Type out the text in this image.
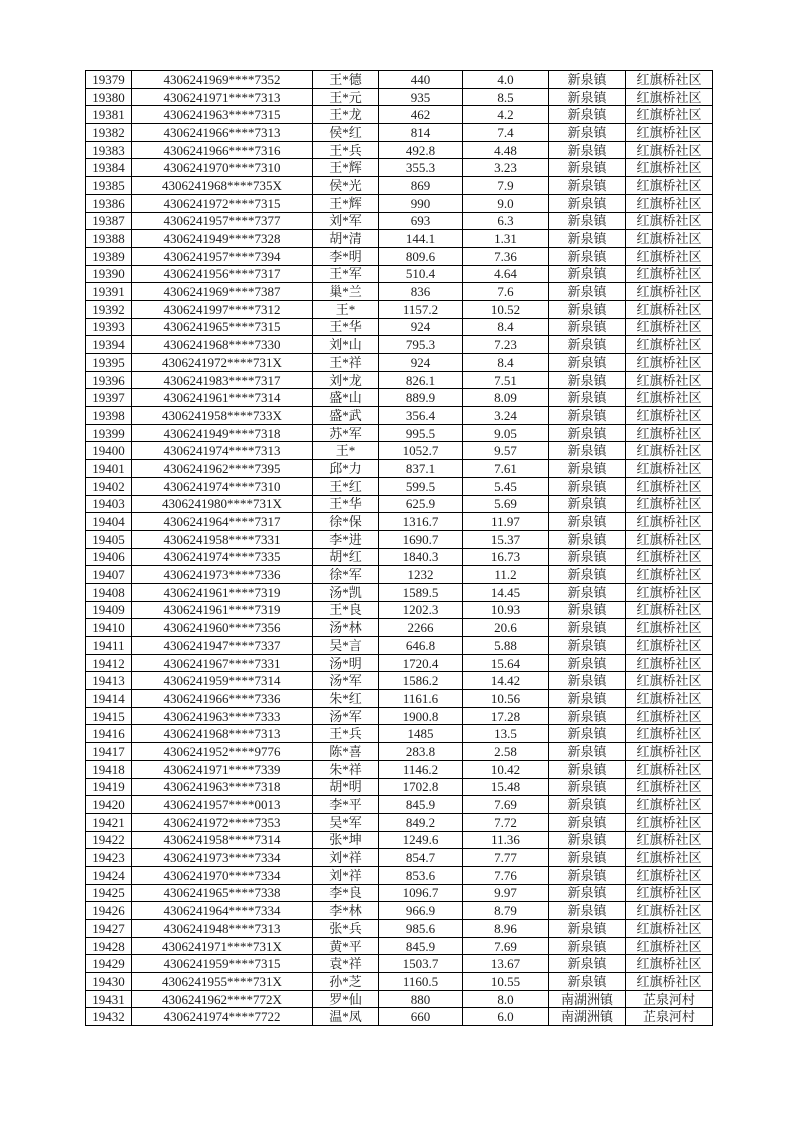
19379	4306241969****7352	王*德	440	4.0	新泉镇	红旗桥社区
19380	4306241971****7313	王*元	935	8.5	新泉镇	红旗桥社区
19381	4306241963****7315	王*龙	462	4.2	新泉镇	红旗桥社区
19382	4306241966****7313	侯*红	814	7.4	新泉镇	红旗桥社区
19383	4306241966****7316	王*兵	492.8	4.48	新泉镇	红旗桥社区
19384	4306241970****7310	王*辉	355.3	3.23	新泉镇	红旗桥社区
19385	4306241968****735X	侯*光	869	7.9	新泉镇	红旗桥社区
19386	4306241972****7315	王*辉	990	9.0	新泉镇	红旗桥社区
19387	4306241957****7377	刘*军	693	6.3	新泉镇	红旗桥社区
19388	4306241949****7328	胡*清	144.1	1.31	新泉镇	红旗桥社区
19389	4306241957****7394	李*明	809.6	7.36	新泉镇	红旗桥社区
19390	4306241956****7317	王*军	510.4	4.64	新泉镇	红旗桥社区
19391	4306241969****7387	巢*兰	836	7.6	新泉镇	红旗桥社区
19392	4306241997****7312	王*	1157.2	10.52	新泉镇	红旗桥社区
19393	4306241965****7315	王*华	924	8.4	新泉镇	红旗桥社区
19394	4306241968****7330	刘*山	795.3	7.23	新泉镇	红旗桥社区
19395	4306241972****731X	王*祥	924	8.4	新泉镇	红旗桥社区
19396	4306241983****7317	刘*龙	826.1	7.51	新泉镇	红旗桥社区
19397	4306241961****7314	盛*山	889.9	8.09	新泉镇	红旗桥社区
19398	4306241958****733X	盛*武	356.4	3.24	新泉镇	红旗桥社区
19399	4306241949****7318	苏*军	995.5	9.05	新泉镇	红旗桥社区
19400	4306241974****7313	王*	1052.7	9.57	新泉镇	红旗桥社区
19401	4306241962****7395	邱*力	837.1	7.61	新泉镇	红旗桥社区
19402	4306241974****7310	王*红	599.5	5.45	新泉镇	红旗桥社区
19403	4306241980****731X	王*华	625.9	5.69	新泉镇	红旗桥社区
19404	4306241964****7317	徐*保	1316.7	11.97	新泉镇	红旗桥社区
19405	4306241958****7331	李*进	1690.7	15.37	新泉镇	红旗桥社区
19406	4306241974****7335	胡*红	1840.3	16.73	新泉镇	红旗桥社区
19407	4306241973****7336	徐*军	1232	11.2	新泉镇	红旗桥社区
19408	4306241961****7319	汤*凯	1589.5	14.45	新泉镇	红旗桥社区
19409	4306241961****7319	王*良	1202.3	10.93	新泉镇	红旗桥社区
19410	4306241960****7356	汤*林	2266	20.6	新泉镇	红旗桥社区
19411	4306241947****7337	吴*言	646.8	5.88	新泉镇	红旗桥社区
19412	4306241967****7331	汤*明	1720.4	15.64	新泉镇	红旗桥社区
19413	4306241959****7314	汤*军	1586.2	14.42	新泉镇	红旗桥社区
19414	4306241966****7336	朱*红	1161.6	10.56	新泉镇	红旗桥社区
19415	4306241963****7333	汤*军	1900.8	17.28	新泉镇	红旗桥社区
19416	4306241968****7313	王*兵	1485	13.5	新泉镇	红旗桥社区
19417	4306241952****9776	陈*喜	283.8	2.58	新泉镇	红旗桥社区
19418	4306241971****7339	朱*祥	1146.2	10.42	新泉镇	红旗桥社区
19419	4306241963****7318	胡*明	1702.8	15.48	新泉镇	红旗桥社区
19420	4306241957****0013	李*平	845.9	7.69	新泉镇	红旗桥社区
19421	4306241972****7353	吴*军	849.2	7.72	新泉镇	红旗桥社区
19422	4306241958****7314	张*坤	1249.6	11.36	新泉镇	红旗桥社区
19423	4306241973****7334	刘*祥	854.7	7.77	新泉镇	红旗桥社区
19424	4306241970****7334	刘*祥	853.6	7.76	新泉镇	红旗桥社区
19425	4306241965****7338	李*良	1096.7	9.97	新泉镇	红旗桥社区
19426	4306241964****7334	李*林	966.9	8.79	新泉镇	红旗桥社区
19427	4306241948****7313	张*兵	985.6	8.96	新泉镇	红旗桥社区
19428	4306241971****731X	黄*平	845.9	7.69	新泉镇	红旗桥社区
19429	4306241959****7315	袁*祥	1503.7	13.67	新泉镇	红旗桥社区
19430	4306241955****731X	孙*芝	1160.5	10.55	新泉镇	红旗桥社区
19431	4306241962****772X	罗*仙	880	8.0	南湖洲镇	芷泉河村
19432	4306241974****7722	温*凤	660	6.0	南湖洲镇	芷泉河村
